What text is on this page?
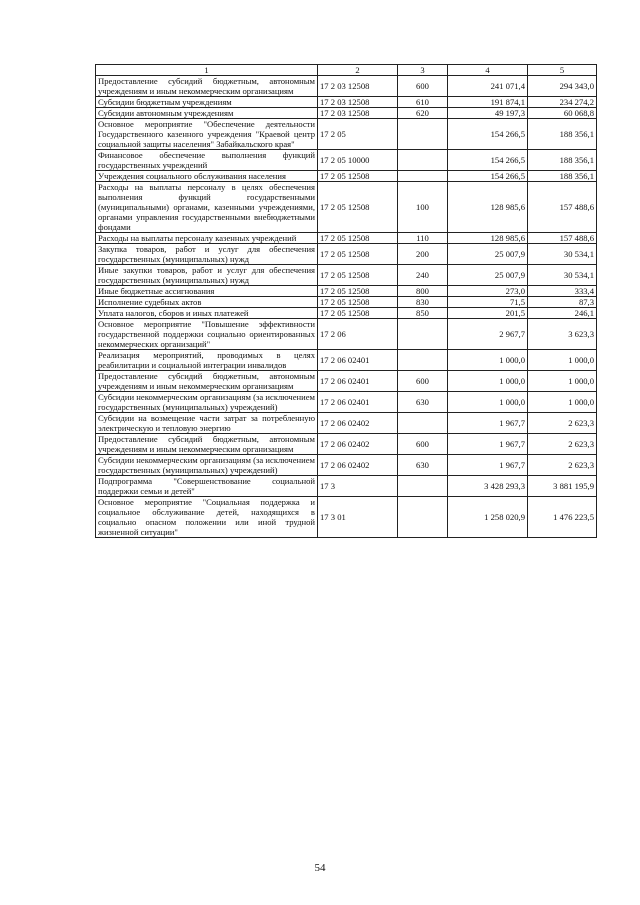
1	2	3	4	5
Предоставление субсидий бюджетным, автономным учреждениям и иным некоммерческим организациям	17 2 03 12508	600	241 071,4	294 343,0
Субсидии бюджетным учреждениям	17 2 03 12508	610	191 874,1	234 274,2
Субсидии автономным учреждениям	17 2 03 12508	620	49 197,3	60 068,8
Основное мероприятие "Обеспечение деятельности Государственного казенного учреждения "Краевой центр социальной защиты населения" Забайкальского края"	17 2 05		154 266,5	188 356,1
Финансовое обеспечение выполнения функций государственных учреждений	17 2 05 10000		154 266,5	188 356,1
Учреждения социального обслуживания населения	17 2 05 12508		154 266,5	188 356,1
Расходы на выплаты персоналу в целях обеспечения выполнения функций государственными (муниципальными) органами, казенными учреждениями, органами управления государственными внебюджетными фондами	17 2 05 12508	100	128 985,6	157 488,6
Расходы на выплаты персоналу казенных учреждений	17 2 05 12508	110	128 985,6	157 488,6
Закупка товаров, работ и услуг для обеспечения государственных (муниципальных) нужд	17 2 05 12508	200	25 007,9	30 534,1
Иные закупки товаров, работ и услуг для обеспечения государственных (муниципальных) нужд	17 2 05 12508	240	25 007,9	30 534,1
Иные бюджетные ассигнования	17 2 05 12508	800	273,0	333,4
Исполнение судебных актов	17 2 05 12508	830	71,5	87,3
Уплата налогов, сборов и иных платежей	17 2 05 12508	850	201,5	246,1
Основное мероприятие "Повышение эффективности государственной поддержки социально ориентированных некоммерческих организаций"	17 2 06		2 967,7	3 623,3
Реализация мероприятий, проводимых в целях реабилитации и социальной интеграции инвалидов	17 2 06 02401		1 000,0	1 000,0
Предоставление субсидий бюджетным, автономным учреждениям и иным некоммерческим организациям	17 2 06 02401	600	1 000,0	1 000,0
Субсидии некоммерческим организациям (за исключением государственных (муниципальных) учреждений)	17 2 06 02401	630	1 000,0	1 000,0
Субсидии на возмещение части затрат за потребленную электрическую и тепловую энергию	17 2 06 02402		1 967,7	2 623,3
Предоставление субсидий бюджетным, автономным учреждениям и иным некоммерческим организациям	17 2 06 02402	600	1 967,7	2 623,3
Субсидии некоммерческим организациям (за исключением государственных (муниципальных) учреждений)	17 2 06 02402	630	1 967,7	2 623,3
Подпрограмма "Совершенствование социальной поддержки семьи и детей"	17 3		3 428 293,3	3 881 195,9
Основное мероприятие "Социальная поддержка и социальное обслуживание детей, находящихся в социально опасном положении или иной трудной жизненной ситуации"	17 3 01		1 258 020,9	1 476 223,5
54
